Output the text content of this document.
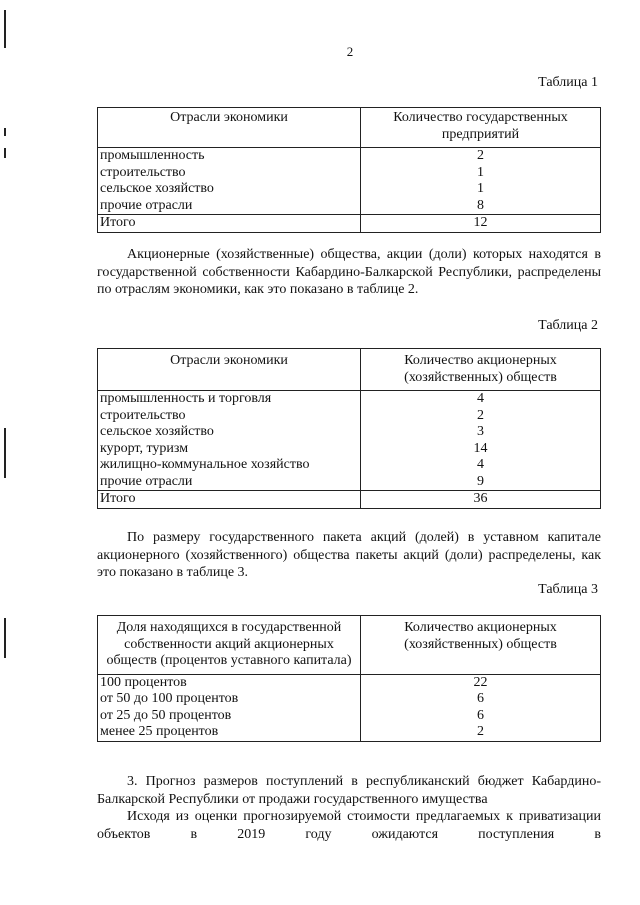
2
Таблица 1
Отрасли экономики	Количество государственных предприятий
промышленность	2
строительство	1
сельское хозяйство	1
прочие отрасли	8
Итого	12

Акционерные (хозяйственные) общества, акции (доли) которых находятся в государственной собственности Кабардино-Балкарской Республики, распределены по отраслям экономики, как это показано в таблице 2.

Таблица 2
Отрасли экономики	Количество акционерных (хозяйственных) обществ
промышленность и торговля	4
строительство	2
сельское хозяйство	3
курорт, туризм	14
жилищно-коммунальное хозяйство	4
прочие отрасли	9
Итого	36

По размеру государственного пакета акций (долей) в уставном капитале акционерного (хозяйственного) общества пакеты акций (доли) распределены, как это показано в таблице 3.

Таблица 3
Доля находящихся в государственной собственности акций акционерных обществ (процентов уставного капитала)	Количество акционерных (хозяйственных) обществ
100 процентов	22
от 50 до 100 процентов	6
от 25 до 50 процентов	6
менее 25 процентов	2

3. Прогноз размеров поступлений в республиканский бюджет Кабардино-Балкарской Республики от продажи государственного имущества

Исходя из оценки прогнозируемой стоимости предлагаемых к приватизации объектов в 2019 году ожидаются поступления в
